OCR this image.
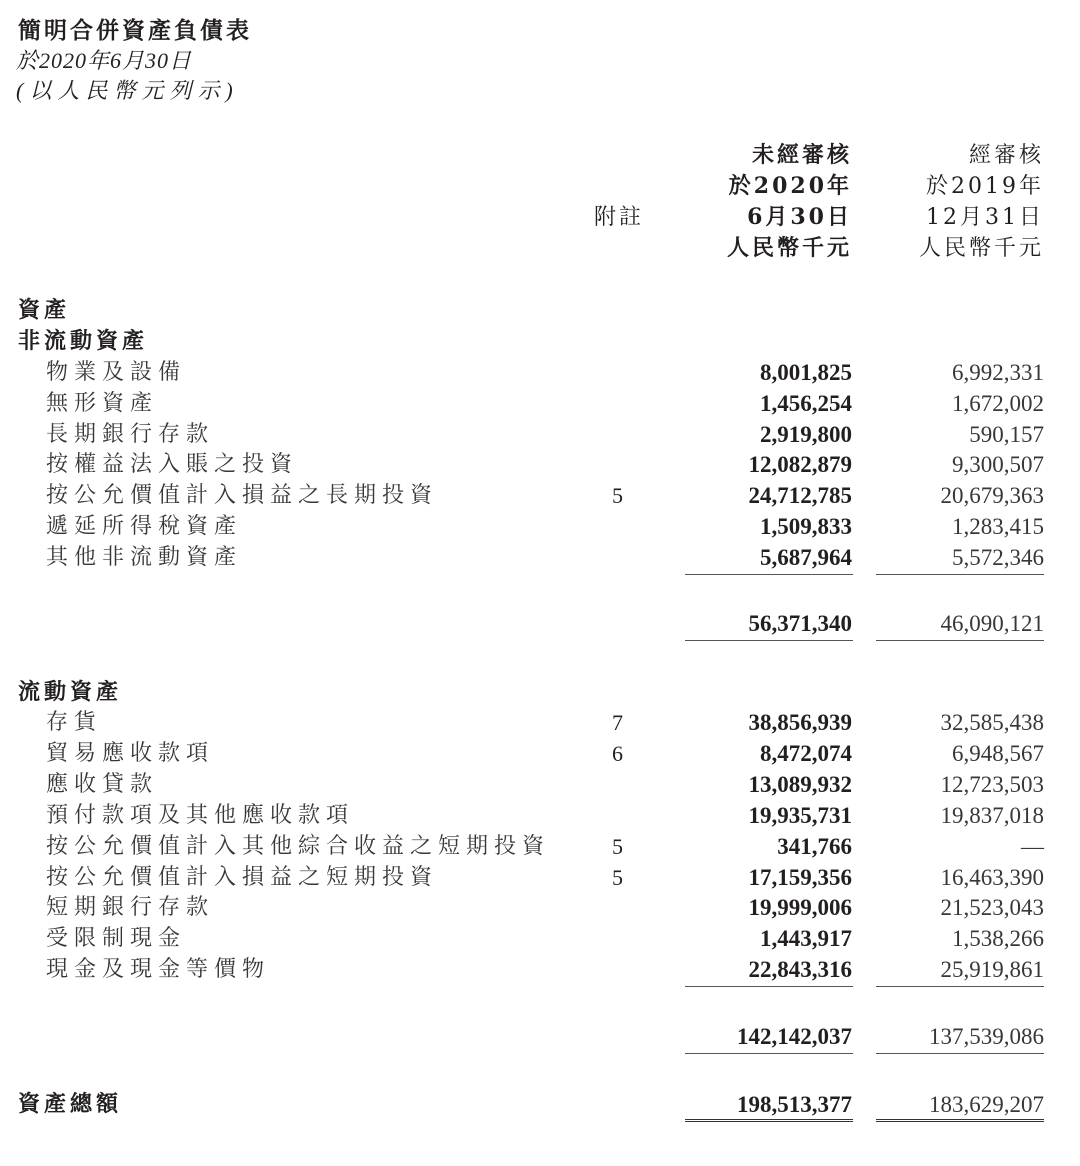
簡明合併資產負債表
於2020年6月30日
(以人民幣元列示)
附註
未經審核
於2020年
6月30日
人民幣千元
經審核
於2019年
12月31日
人民幣千元
資產
非流動資產
物業及設備	8,001,825	6,992,331
無形資產	1,456,254	1,672,002
長期銀行存款	2,919,800	590,157
按權益法入賬之投資	12,082,879	9,300,507
按公允價值計入損益之長期投資	5	24,712,785	20,679,363
遞延所得稅資產	1,509,833	1,283,415
其他非流動資產	5,687,964	5,572,346
56,371,340	46,090,121
流動資產
存貨	7	38,856,939	32,585,438
貿易應收款項	6	8,472,074	6,948,567
應收貸款	13,089,932	12,723,503
預付款項及其他應收款項	19,935,731	19,837,018
按公允價值計入其他綜合收益之短期投資	5	341,766	—
按公允價值計入損益之短期投資	5	17,159,356	16,463,390
短期銀行存款	19,999,006	21,523,043
受限制現金	1,443,917	1,538,266
現金及現金等價物	22,843,316	25,919,861
142,142,037	137,539,086
資產總額	198,513,377	183,629,207
